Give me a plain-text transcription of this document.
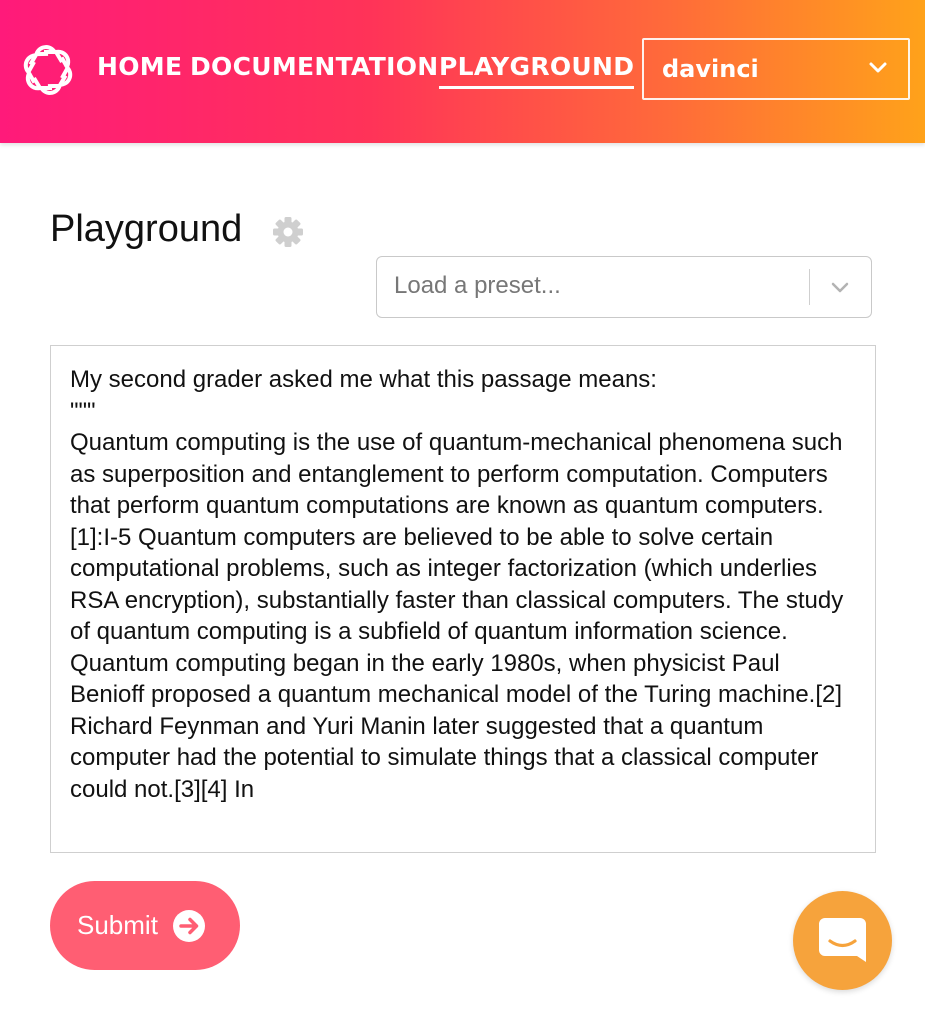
HOME DOCUMENTATION PLAYGROUND davinci
Playground
Load a preset...
My second grader asked me what this passage means:
"""
Quantum computing is the use of quantum-mechanical phenomena such as superposition and entanglement to perform computation. Computers that perform quantum computations are known as quantum computers.[1]:I-5 Quantum computers are believed to be able to solve certain computational problems, such as integer factorization (which underlies RSA encryption), substantially faster than classical computers. The study of quantum computing is a subfield of quantum information science.
Quantum computing began in the early 1980s, when physicist Paul Benioff proposed a quantum mechanical model of the Turing machine.[2] Richard Feynman and Yuri Manin later suggested that a quantum computer had the potential to simulate things that a classical computer could not.[3][4] In
Submit
